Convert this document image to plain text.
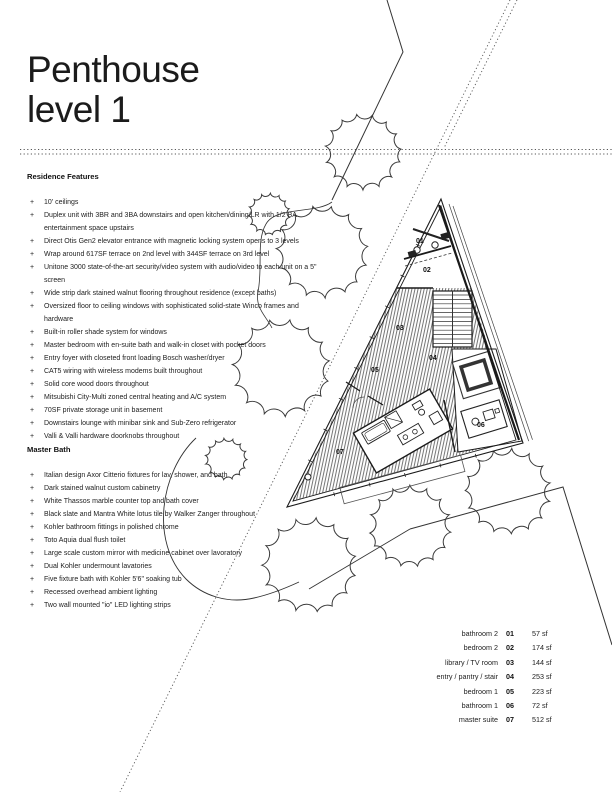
01
02
03
04
05
06
07
Penthouse
level 1
Residence Features
+	10' ceilings
+	Duplex unit with 3BR and 3BA downstairs and open kitchen/dining/LR with 1/2 BA entertainment space upstairs
+	Direct Otis Gen2 elevator entrance with magnetic locking system opens to 3 levels
+	Wrap around 617SF terrace on 2nd level with 344SF terrace on 3rd level
+	Unitone 3000 state-of-the-art security/video system with audio/video to each unit on a 5" screen
+	Wide strip dark stained walnut flooring throughout residence (except baths)
+	Oversized floor to ceiling windows with sophisticated solid-state Winco frames and hardware
+	Built-in roller shade system for windows
+	Master bedroom with en-suite bath and walk-in closet with pocket doors
+	Entry foyer with closeted front loading Bosch washer/dryer
+	CAT5 wiring with wireless modems built throughout
+	Solid core wood doors throughout
+	Mitsubishi City-Multi zoned central heating and A/C system
+	70SF private storage unit in basement
+	Downstairs lounge with minibar sink and Sub-Zero refrigerator
+	Valli & Valli hardware doorknobs throughout
Master Bath
+	Italian design Axor Citterio fixtures for lav, shower, and bath
+	Dark stained walnut custom cabinetry
+	White Thassos marble counter top and bath cover
+	Black slate and Mantra White lotus tile by Walker Zanger throughout
+	Kohler bathroom fittings in polished chrome
+	Toto Aquia dual flush toilet
+	Large scale custom mirror with medicine cabinet over lavoratory
+	Dual Kohler undermount lavatories
+	Five fixture bath with Kohler 5'6" soaking tub
+	Recessed overhead ambient lighting
+	Two wall mounted "io" LED lighting strips
bathroom 2 01	57 sf
bedroom 2 02	174 sf
library / TV room 03	144 sf
entry / pantry / stair 04	253 sf
bedroom 1 05	223 sf
bathroom 1 06	72 sf
master suite 07	512 sf
